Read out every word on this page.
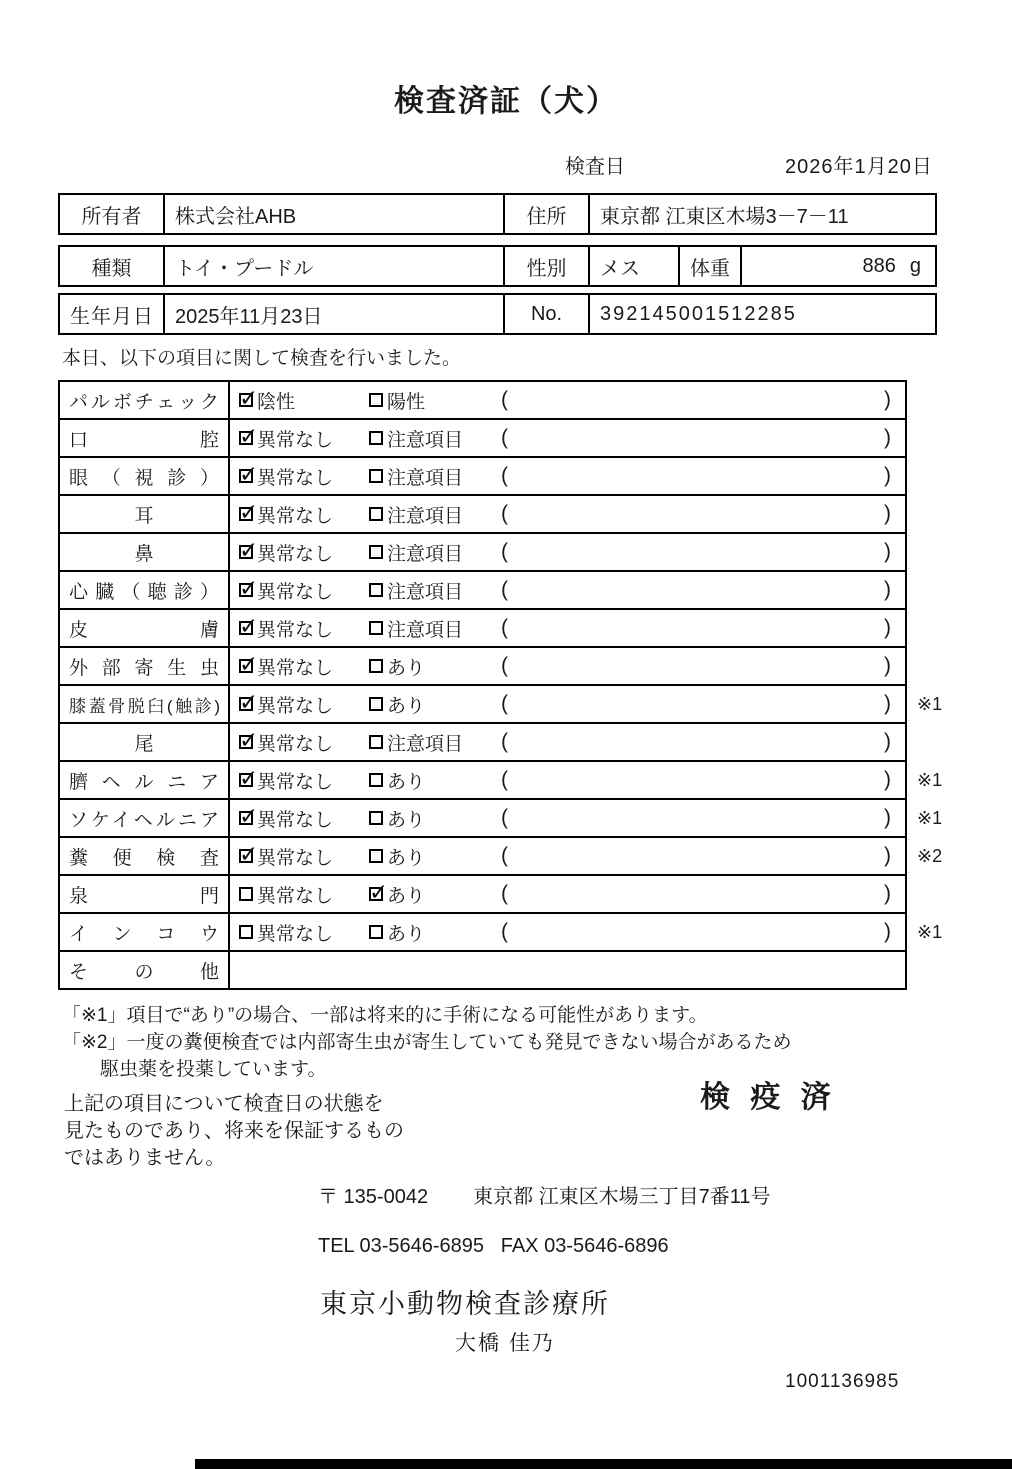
検査済証（犬）
検査日	2026年1月20日
所有者	株式会社AHB	住所	東京都 江東区木場3－7－11
種類	トイ・プードル	性別	メス	体重	886 g
生年月日	2025年11月23日	No.	392145001512285

本日、以下の項目に関して検査を行いました。

パルボチェック	
✓陰性 陽性 ( )

口腔	
✓異常なし 注意項目 ( )

眼（視診）	
✓異常なし 注意項目 ( )

耳	
✓異常なし 注意項目 ( )

鼻	
✓異常なし 注意項目 ( )

心臓（聴診）	
✓異常なし 注意項目 ( )

皮膚	
✓異常なし 注意項目 ( )

外部寄生虫	
✓異常なし あり ( )

膝蓋骨脱臼(触診)	
✓異常なし あり ( )	※1
尾	
✓異常なし 注意項目 ( )

臍ヘルニア	
✓異常なし あり ( )	※1
ソケイヘルニア	
✓異常なし あり ( )	※1
糞便検査	
✓異常なし あり ( )	※2
泉門	異常なし ✓ あり ( )

インコウ	異常なし あり ( )	※1
その他	

「※1」項目で“あり”の場合、一部は将来的に手術になる可能性があります。
「※2」一度の糞便検査では内部寄生虫が寄生していても発見できない場合があるため
駆虫薬を投薬しています。
上記の項目について検査日の状態を
見たものであり、将来を保証するもの
ではありません。
検 疫 済
〒 135-0042 東京都 江東区木場三丁目7番11号
TEL 03-5646-6895   FAX 03-5646-6896
東京小動物検査診療所
大橋 佳乃
1001136985
